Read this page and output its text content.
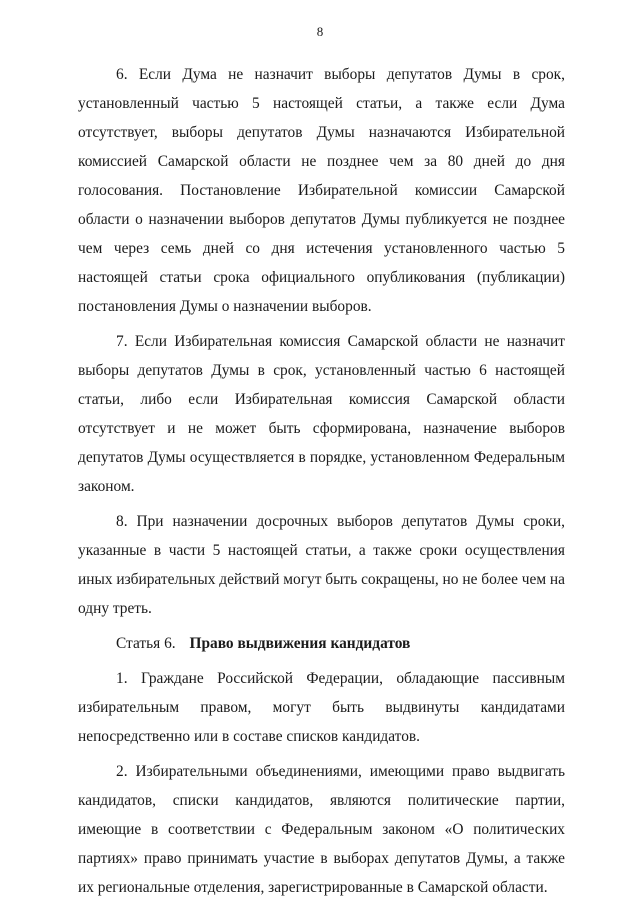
8

6. Если Дума не назначит выборы депутатов Думы в срок, установленный частью 5 настоящей статьи, а также если Дума отсутствует, выборы депутатов Думы назначаются Избирательной комиссией Самарской области не позднее чем за 80 дней до дня голосования. Постановление Избирательной комиссии Самарской области о назначении выборов депутатов Думы публикуется не позднее чем через семь дней со дня истечения установленного частью 5 настоящей статьи срока официального опубликования (публикации) постановления Думы о назначении выборов.

7. Если Избирательная комиссия Самарской области не назначит выборы депутатов Думы в срок, установленный частью 6 настоящей статьи, либо если Избирательная комиссия Самарской области отсутствует и не может быть сформирована, назначение выборов депутатов Думы осуществляется в порядке, установленном Федеральным законом.

8. При назначении досрочных выборов депутатов Думы сроки, указанные в части 5 настоящей статьи, а также сроки осуществления иных избирательных действий могут быть сокращены, но не более чем на одну треть.

Статья 6. Право выдвижения кандидатов

1. Граждане Российской Федерации, обладающие пассивным избирательным правом, могут быть выдвинуты кандидатами непосредственно или в составе списков кандидатов.

2. Избирательными объединениями, имеющими право выдвигать кандидатов, списки кандидатов, являются политические партии, имеющие в соответствии с Федеральным законом «О политических партиях» право принимать участие в выборах депутатов Думы, а также их региональные отделения, зарегистрированные в Самарской области.
